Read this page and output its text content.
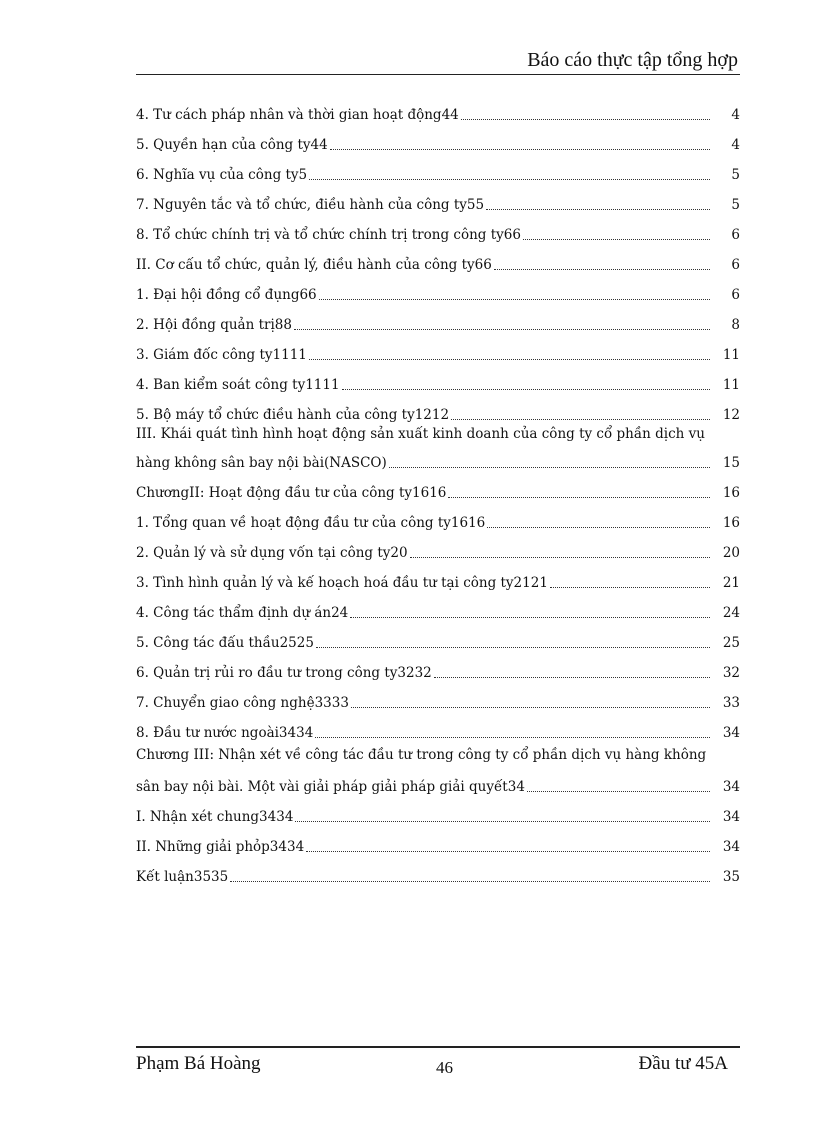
Báo cáo thực tập tổng hợp
4. Tư cách pháp nhân và thời gian hoạt động44	4
5. Quyền hạn của công ty44	4
6. Nghĩa vụ của công ty5	5
7. Nguyên tắc và tổ chức, điều hành của công ty55	5
8. Tổ chức chính trị và tổ chức chính trị trong công ty66	6
II. Cơ cấu tổ chức, quản lý, điều hành của công ty66	6
1. Đại hội đồng cổ đụng66	6
2. Hội đồng quản trị88	8
3. Giám đốc công ty1111	11
4. Ban kiểm soát công ty1111	11
5. Bộ máy tổ chức điều hành của công ty1212	12
III. Khái quát tình hình hoạt động sản xuất kinh doanh của công ty cổ phần dịch vụ
hàng không sân bay nội bài(NASCO)	15
ChươngII: Hoạt động đầu tư của công ty1616	16
1. Tổng quan về hoạt động đầu tư của công ty1616	16
2. Quản lý và sử dụng vốn tại công ty20	20
3. Tình hình quản lý và kế hoạch hoá đầu tư tại công ty2121	21
4. Công tác thẩm định dự án24	24
5. Công tác đấu thầu2525	25
6. Quản trị rủi ro đầu tư trong công ty3232	32
7. Chuyển giao công nghệ3333	33
8. Đầu tư nước ngoài3434	34
Chương III: Nhận xét về công tác đầu tư trong công ty cổ phần dịch vụ hàng không
sân bay nội bài. Một vài giải pháp giải pháp giải quyết34	34
I. Nhận xét chung3434	34
II. Những giải phỏp3434	34
Kết luận3535	35
Phạm Bá Hoàng	46	Đầu tư 45A
